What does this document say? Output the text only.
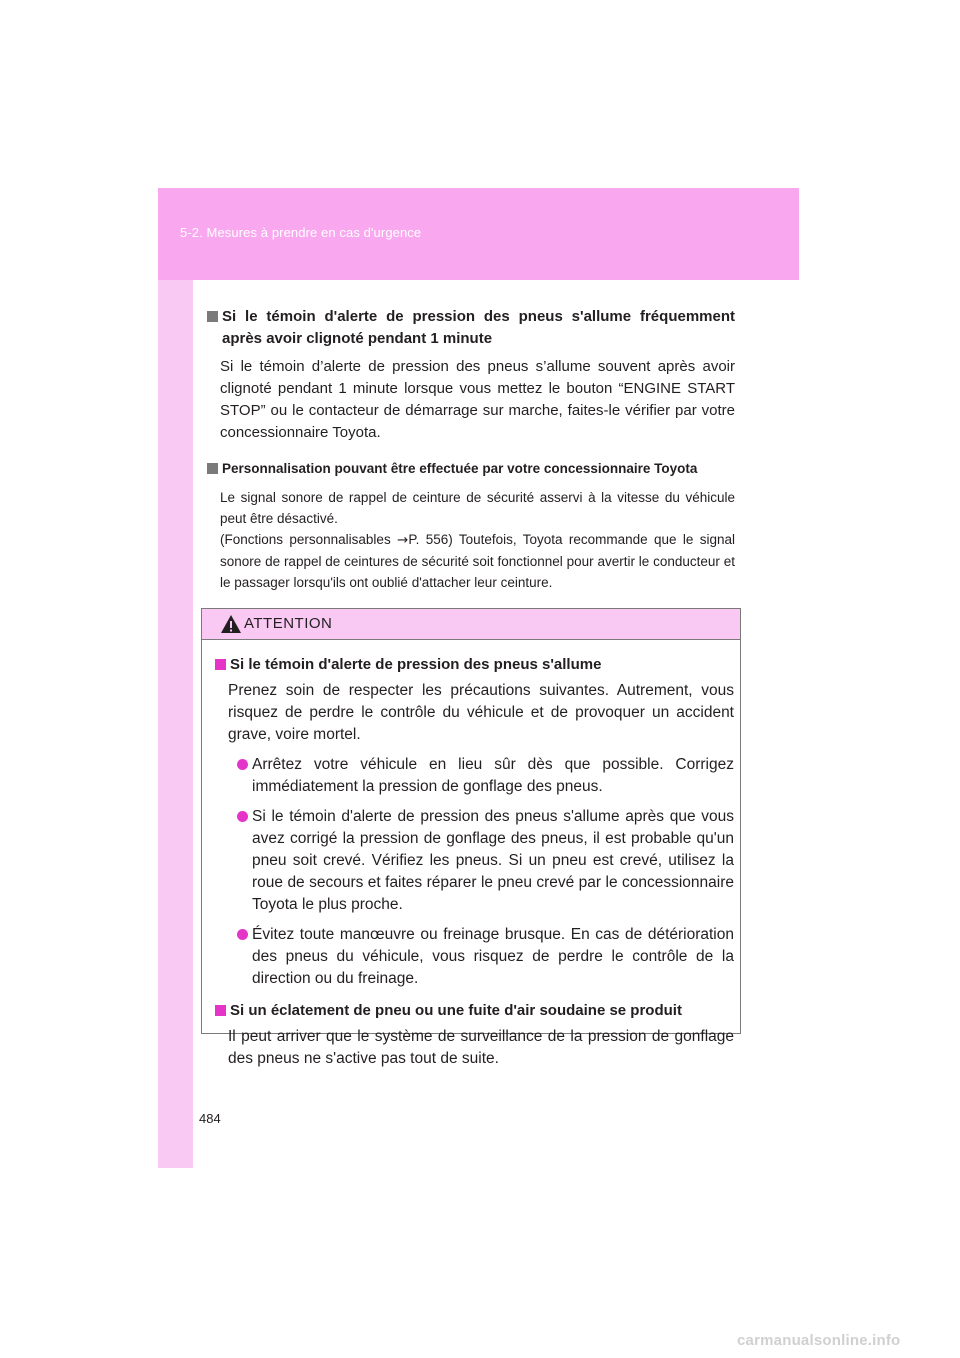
5-2. Mesures à prendre en cas d'urgence
Si le témoin d'alerte de pression des pneus s'allume fréquemment après avoir clignoté pendant 1 minute
Si le témoin d’alerte de pression des pneus s’allume souvent après avoir clignoté pendant 1 minute lorsque vous mettez le bouton “ENGINE START STOP” ou le contacteur de démarrage sur marche, faites-le vérifier par votre concessionnaire Toyota.
Personnalisation pouvant être effectuée par votre concessionnaire Toyota
Le signal sonore de rappel de ceinture de sécurité asservi à la vitesse du véhicule peut être désactivé.
(Fonctions personnalisables →P. 556) Toutefois, Toyota recommande que le signal sonore de rappel de ceintures de sécurité soit fonctionnel pour avertir le conducteur et le passager lorsqu'ils ont oublié d'attacher leur ceinture.
ATTENTION
Si le témoin d'alerte de pression des pneus s'allume
Prenez soin de respecter les précautions suivantes. Autrement, vous risquez de perdre le contrôle du véhicule et de provoquer un accident grave, voire mortel.
Arrêtez votre véhicule en lieu sûr dès que possible. Corrigez immédiatement la pression de gonflage des pneus.
Si le témoin d'alerte de pression des pneus s'allume après que vous avez corrigé la pression de gonflage des pneus, il est probable qu'un pneu soit crevé. Vérifiez les pneus. Si un pneu est crevé, utilisez la roue de secours et faites réparer le pneu crevé par le concessionnaire Toyota le plus proche.
Évitez toute manœuvre ou freinage brusque. En cas de détérioration des pneus du véhicule, vous risquez de perdre le contrôle de la direction ou du freinage.
Si un éclatement de pneu ou une fuite d'air soudaine se produit
Il peut arriver que le système de surveillance de la pression de gonflage des pneus ne s'active pas tout de suite.
484
carmanualsonline.info
